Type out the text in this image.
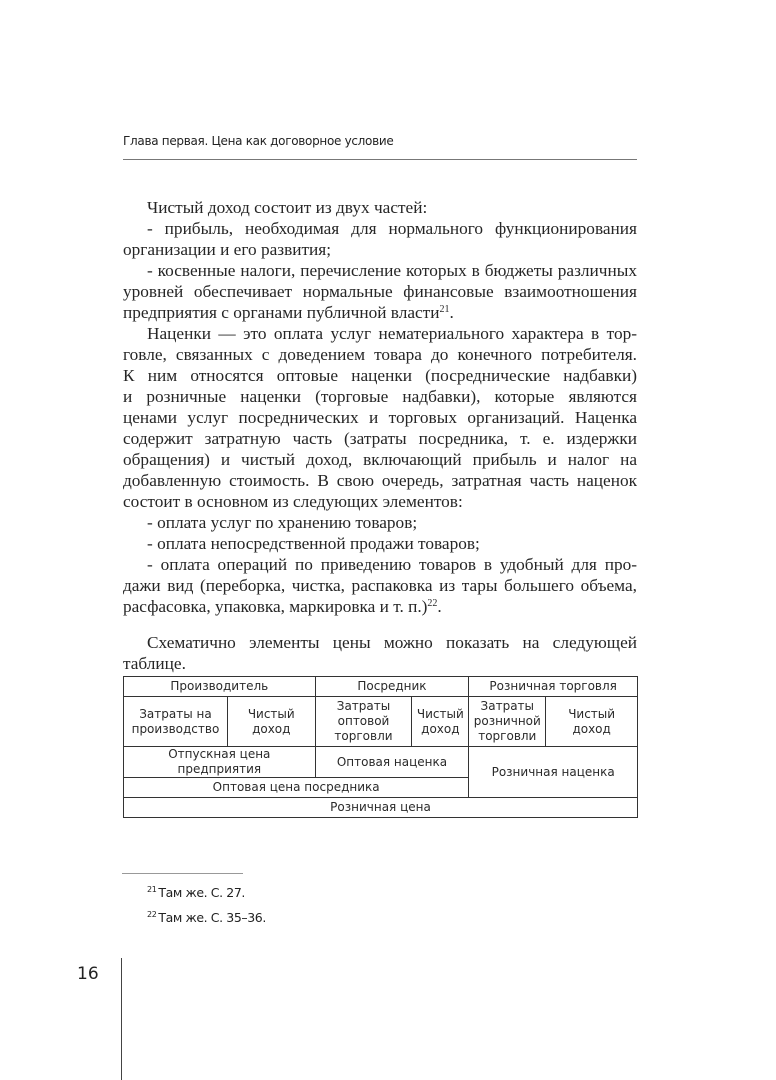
Глава первая. Цена как договорное условие
Чистый доход состоит из двух частей:
- прибыль, необходимая для нормального функционирования
организации и его развития;
- косвенные налоги, перечисление которых в бюджеты различных
уровней обеспечивает нормальные финансовые взаимоотношения
предприятия с органами публичной власти$^{21}$.
Наценки — это оплата услуг нематериального характера в тор-
говле, связанных с доведением товара до конечного потребителя.
К ним относятся оптовые наценки (посреднические надбавки)
и розничные наценки (торговые надбавки), которые являются
ценами услуг посреднических и торговых организаций. Наценка
содержит затратную часть (затраты посредника, т. е. издержки
обращения) и чистый доход, включающий прибыль и налог на
добавленную стоимость. В свою очередь, затратная часть наценок
состоит в основном из следующих элементов:
- оплата услуг по хранению товаров;
- оплата непосредственной продажи товаров;
- оплата операций по приведению товаров в удобный для про-
дажи вид (переборка, чистка, распаковка из тары большего объема,
расфасовка, упаковка, маркировка и т. п.)$^{22}$.
Схематично элементы цены можно показать на следующей
таблице.
Производитель		Посредник		Розничная торговля	
Затраты на производство	Чистый доход	Затраты оптовой торговли	Чистый доход	Затраты розничной торговли	Чистый доход
Отпускная цена предприятия		Оптовая наценка		Розничная наценка	
Оптовая цена посредника					
Розничная цена					
$^{21}$ Там же. С. 27.
$^{22}$ Там же. С. 35–36.
16
